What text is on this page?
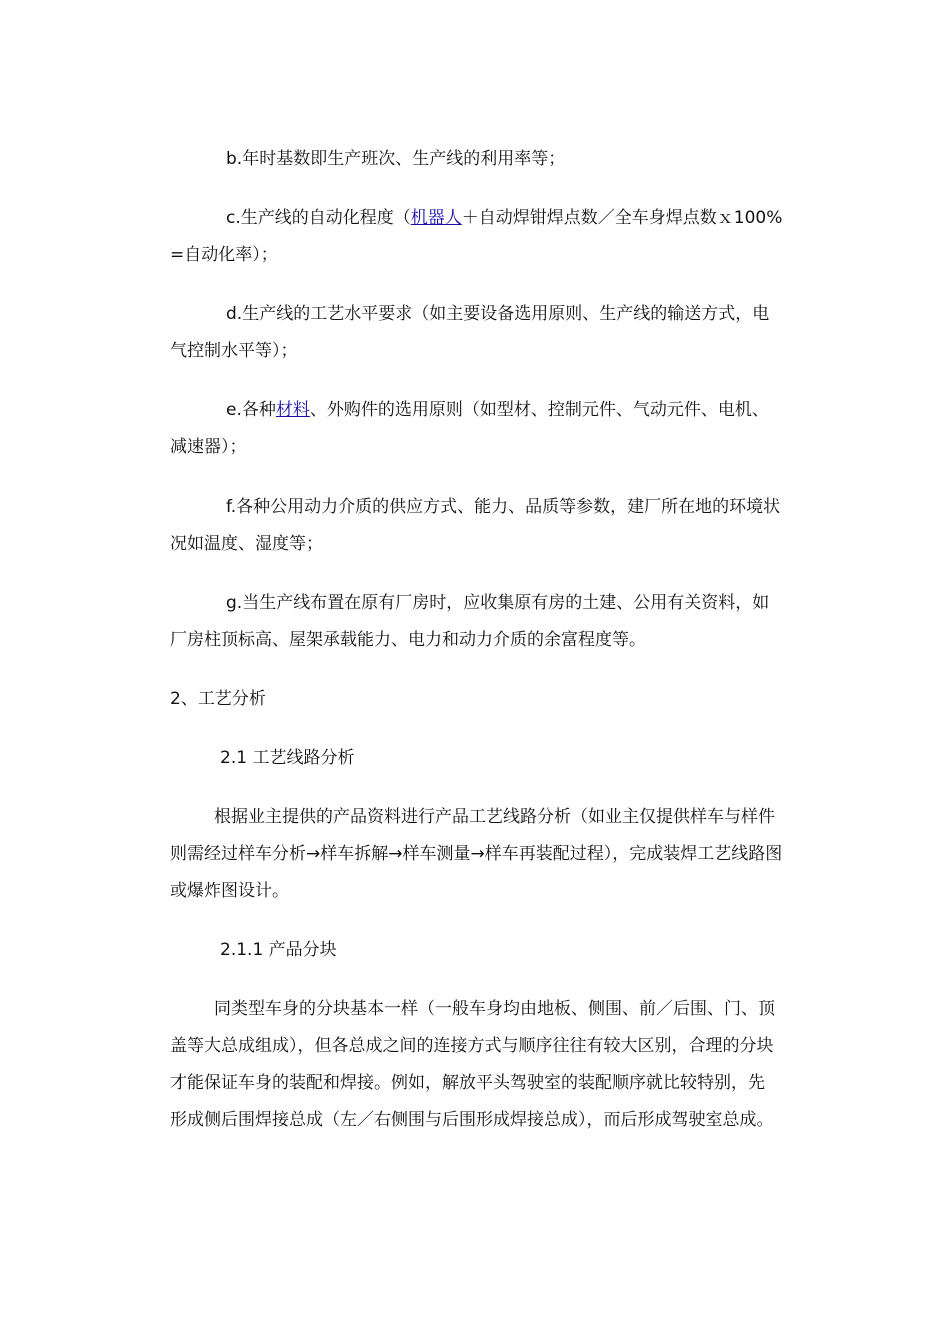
b.年时基数即生产班次、生产线的利用率等；

c.生产线的自动化程度（机器人＋自动焊钳焊点数／全车身焊点数ｘ100%=自动化率）；

d.生产线的工艺水平要求（如主要设备选用原则、生产线的输送方式，电气控制水平等）；

e.各种材料、外购件的选用原则（如型材、控制元件、气动元件、电机、减速器）；

f.各种公用动力介质的供应方式、能力、品质等参数，建厂所在地的环境状况如温度、湿度等；

g.当生产线布置在原有厂房时，应收集原有房的土建、公用有关资料，如厂房柱顶标高、屋架承载能力、电力和动力介质的余富程度等。

2、工艺分析

2.1 工艺线路分析

根据业主提供的产品资料进行产品工艺线路分析（如业主仅提供样车与样件则需经过样车分析→样车拆解→样车测量→样车再装配过程），完成装焊工艺线路图或爆炸图设计。

2.1.1 产品分块

同类型车身的分块基本一样（一般车身均由地板、侧围、前／后围、门、顶盖等大总成组成），但各总成之间的连接方式与顺序往往有较大区别，合理的分块才能保证车身的装配和焊接。例如，解放平头驾驶室的装配顺序就比较特别，先形成侧后围焊接总成（左／右侧围与后围形成焊接总成），而后形成驾驶室总成。
